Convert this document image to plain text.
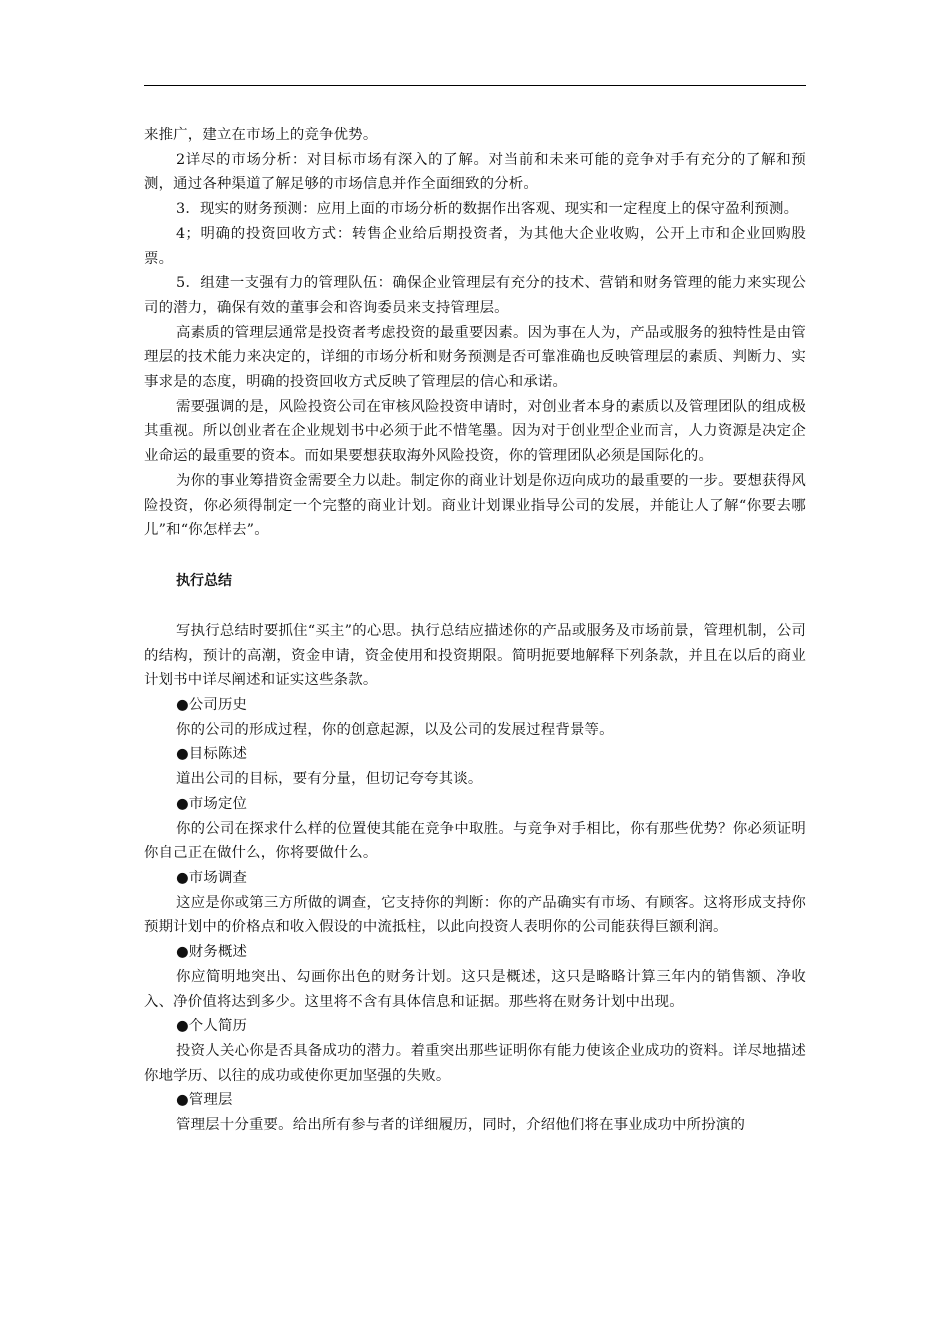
来推广，建立在市场上的竞争优势。

2详尽的市场分析：对目标市场有深入的了解。对当前和未来可能的竞争对手有充分的了解和预测，通过各种渠道了解足够的市场信息并作全面细致的分析。

3．现实的财务预测：应用上面的市场分析的数据作出客观、现实和一定程度上的保守盈利预测。

4；明确的投资回收方式：转售企业给后期投资者，为其他大企业收购，公开上市和企业回购股票。

5．组建一支强有力的管理队伍：确保企业管理层有充分的技术、营销和财务管理的能力来实现公司的潜力，确保有效的董事会和咨询委员来支持管理层。

高素质的管理层通常是投资者考虑投资的最重要因素。因为事在人为，产品或服务的独特性是由管理层的技术能力来决定的，详细的市场分析和财务预测是否可靠准确也反映管理层的素质、判断力、实事求是的态度，明确的投资回收方式反映了管理层的信心和承诺。

需要强调的是，风险投资公司在审核风险投资申请时，对创业者本身的素质以及管理团队的组成极其重视。所以创业者在企业规划书中必须于此不惜笔墨。因为对于创业型企业而言，人力资源是决定企业命运的最重要的资本。而如果要想获取海外风险投资，你的管理团队必须是国际化的。

为你的事业筹措资金需要全力以赴。制定你的商业计划是你迈向成功的最重要的一步。要想获得风险投资，你必须得制定一个完整的商业计划。商业计划课业指导公司的发展，并能让人了解“你要去哪儿”和“你怎样去”。

执行总结

写执行总结时要抓住“买主”的心思。执行总结应描述你的产品或服务及市场前景，管理机制，公司的结构，预计的高潮，资金申请，资金使用和投资期限。简明扼要地解释下列条款，并且在以后的商业计划书中详尽阐述和证实这些条款。

●公司历史

你的公司的形成过程，你的创意起源，以及公司的发展过程背景等。

●目标陈述

道出公司的目标，要有分量，但切记夸夸其谈。

●市场定位

你的公司在探求什么样的位置使其能在竞争中取胜。与竞争对手相比，你有那些优势？你必须证明你自己正在做什么，你将要做什么。

●市场调查

这应是你或第三方所做的调查，它支持你的判断：你的产品确实有市场、有顾客。这将形成支持你预期计划中的价格点和收入假设的中流抵柱，以此向投资人表明你的公司能获得巨额利润。

●财务概述

你应简明地突出、勾画你出色的财务计划。这只是概述，这只是略略计算三年内的销售额、净收入、净价值将达到多少。这里将不含有具体信息和证据。那些将在财务计划中出现。

●个人简历

投资人关心你是否具备成功的潜力。着重突出那些证明你有能力使该企业成功的资料。详尽地描述你地学历、以往的成功或使你更加坚强的失败。

●管理层

管理层十分重要。给出所有参与者的详细履历，同时，介绍他们将在事业成功中所扮演的
